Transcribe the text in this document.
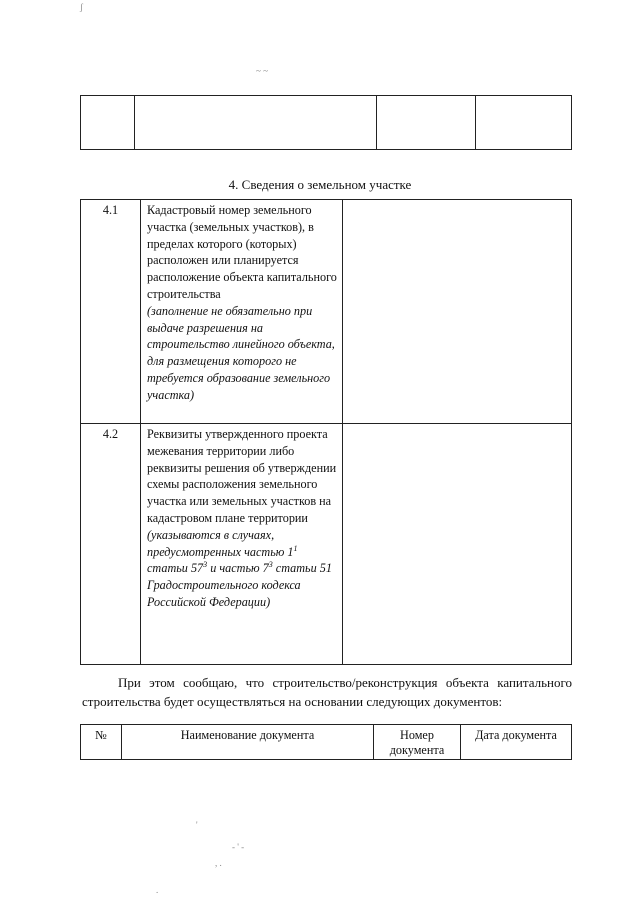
ʃ
~ ~

4. Сведения о земельном участке
4.1	Кадастровый номер земельного участка (земельных участков), в пределах которого (которых) расположен или планируется расположение объекта капитального строительства
(заполнение не обязательно при выдаче разрешения на строительство линейного объекта, для размещения которого не требуется образование земельного участка)	

4.2	Реквизиты утвержденного проекта межевания территории либо реквизиты решения об утверждении схемы расположения земельного участка или земельных участков на кадастровом плане территории
(указываются в случаях, предусмотренных частью $1^1$ статьи $57^3$ и частью $7^3$ статьи 51 Градостроительного кодекса Российской Федерации)	

При этом сообщаю, что строительство/реконструкция объекта капитального строительства будет осуществляться на основании следующих документов:
№	Наименование документа	Номер документа	Дата документа
'
- ' -
, .
.
